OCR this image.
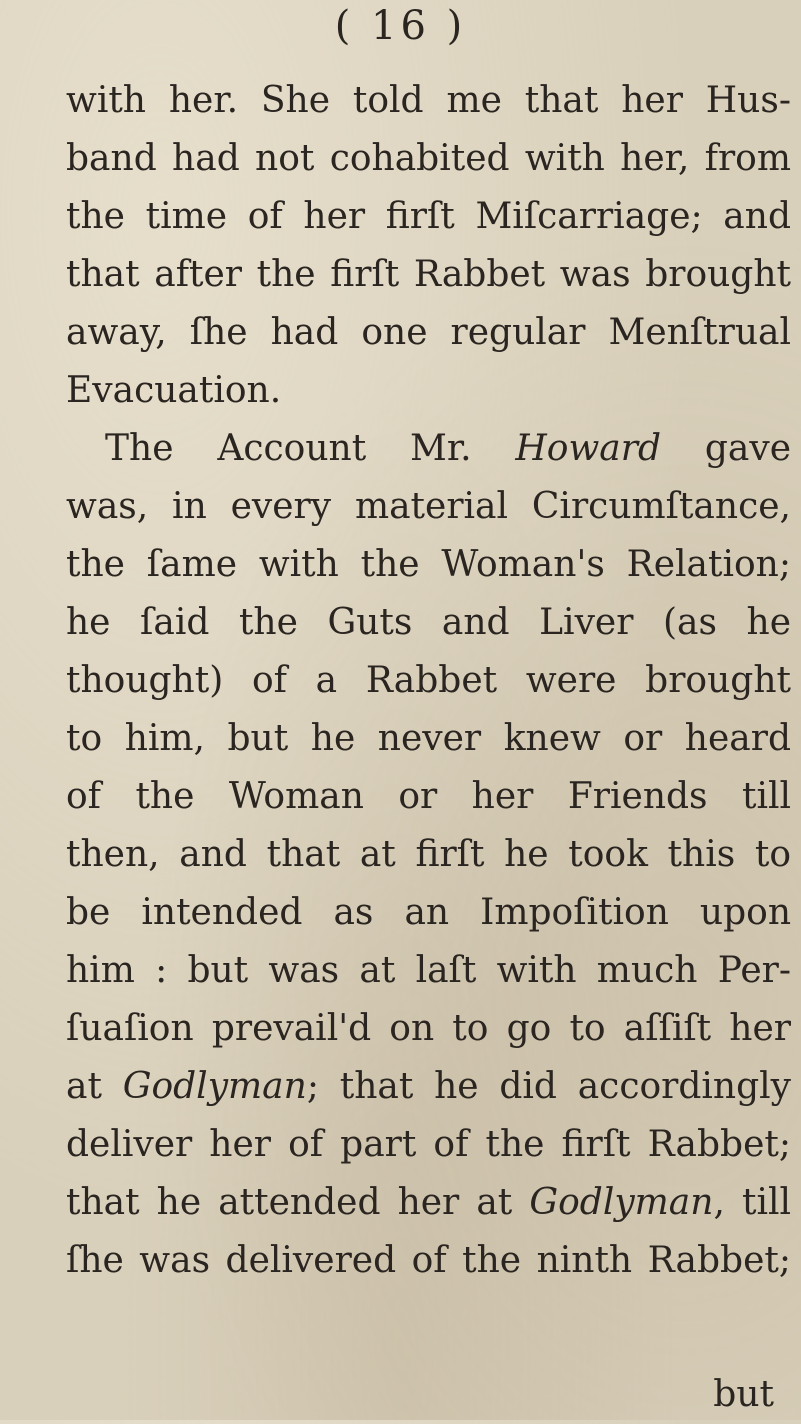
( 16 )
with her. She told me that her Hus-
band had not cohabited with her, from
the time of her firſt Miſcarriage; and
that after the firſt Rabbet was brought
away, ſhe had one regular Menſtrual
Evacuation.
The Account Mr. Howard gave
was, in every material Circumſtance,
the ſame with the Woman's Relation;
he ſaid the Guts and Liver (as he
thought) of a Rabbet were brought
to him, but he never knew or heard
of the Woman or her Friends till
then, and that at firſt he took this to
be intended as an Impoſition upon
him : but was at laſt with much Per-
ſuaſion prevail'd on to go to aſſiſt her
at Godlyman; that he did accordingly
deliver her of part of the firſt Rabbet;
that he attended her at Godlyman, till
ſhe was delivered of the ninth Rabbet;
but
